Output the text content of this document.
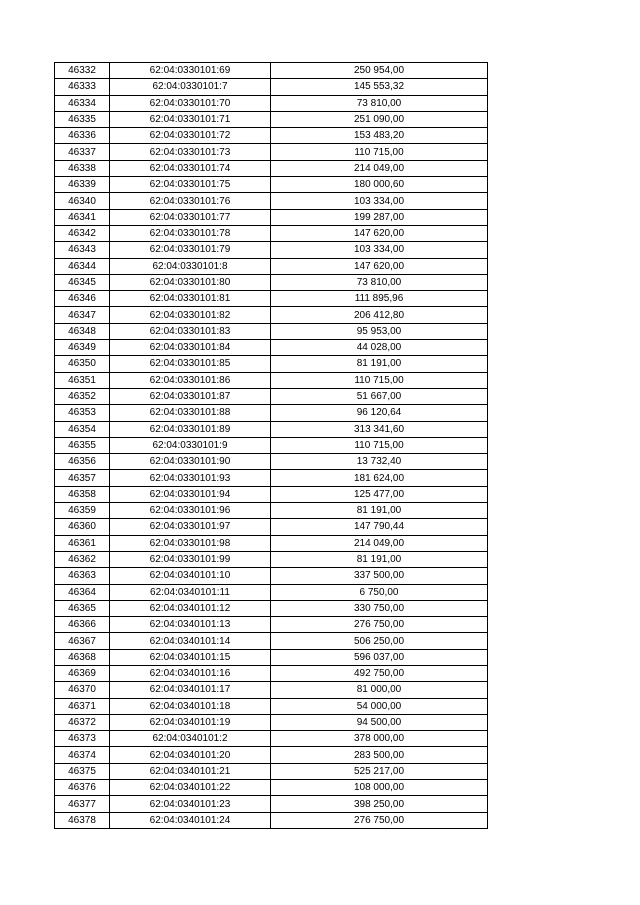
46332	62:04:0330101:69	250 954,00
46333	62:04:0330101:7	145 553,32
46334	62:04:0330101:70	73 810,00
46335	62:04:0330101:71	251 090,00
46336	62:04:0330101:72	153 483,20
46337	62:04:0330101:73	110 715,00
46338	62:04:0330101:74	214 049,00
46339	62:04:0330101:75	180 000,60
46340	62:04:0330101:76	103 334,00
46341	62:04:0330101:77	199 287,00
46342	62:04:0330101:78	147 620,00
46343	62:04:0330101:79	103 334,00
46344	62:04:0330101:8	147 620,00
46345	62:04:0330101:80	73 810,00
46346	62:04:0330101:81	111 895,96
46347	62:04:0330101:82	206 412,80
46348	62:04:0330101:83	95 953,00
46349	62:04:0330101:84	44 028,00
46350	62:04:0330101:85	81 191,00
46351	62:04:0330101:86	110 715,00
46352	62:04:0330101:87	51 667,00
46353	62:04:0330101:88	96 120,64
46354	62:04:0330101:89	313 341,60
46355	62:04:0330101:9	110 715,00
46356	62:04:0330101:90	13 732,40
46357	62:04:0330101:93	181 624,00
46358	62:04:0330101:94	125 477,00
46359	62:04:0330101:96	81 191,00
46360	62:04:0330101:97	147 790,44
46361	62:04:0330101:98	214 049,00
46362	62:04:0330101:99	81 191,00
46363	62:04:0340101:10	337 500,00
46364	62:04:0340101:11	6 750,00
46365	62:04:0340101:12	330 750,00
46366	62:04:0340101:13	276 750,00
46367	62:04:0340101:14	506 250,00
46368	62:04:0340101:15	596 037,00
46369	62:04:0340101:16	492 750,00
46370	62:04:0340101:17	81 000,00
46371	62:04:0340101:18	54 000,00
46372	62:04:0340101:19	94 500,00
46373	62:04:0340101:2	378 000,00
46374	62:04:0340101:20	283 500,00
46375	62:04:0340101:21	525 217,00
46376	62:04:0340101:22	108 000,00
46377	62:04:0340101:23	398 250,00
46378	62:04:0340101:24	276 750,00
